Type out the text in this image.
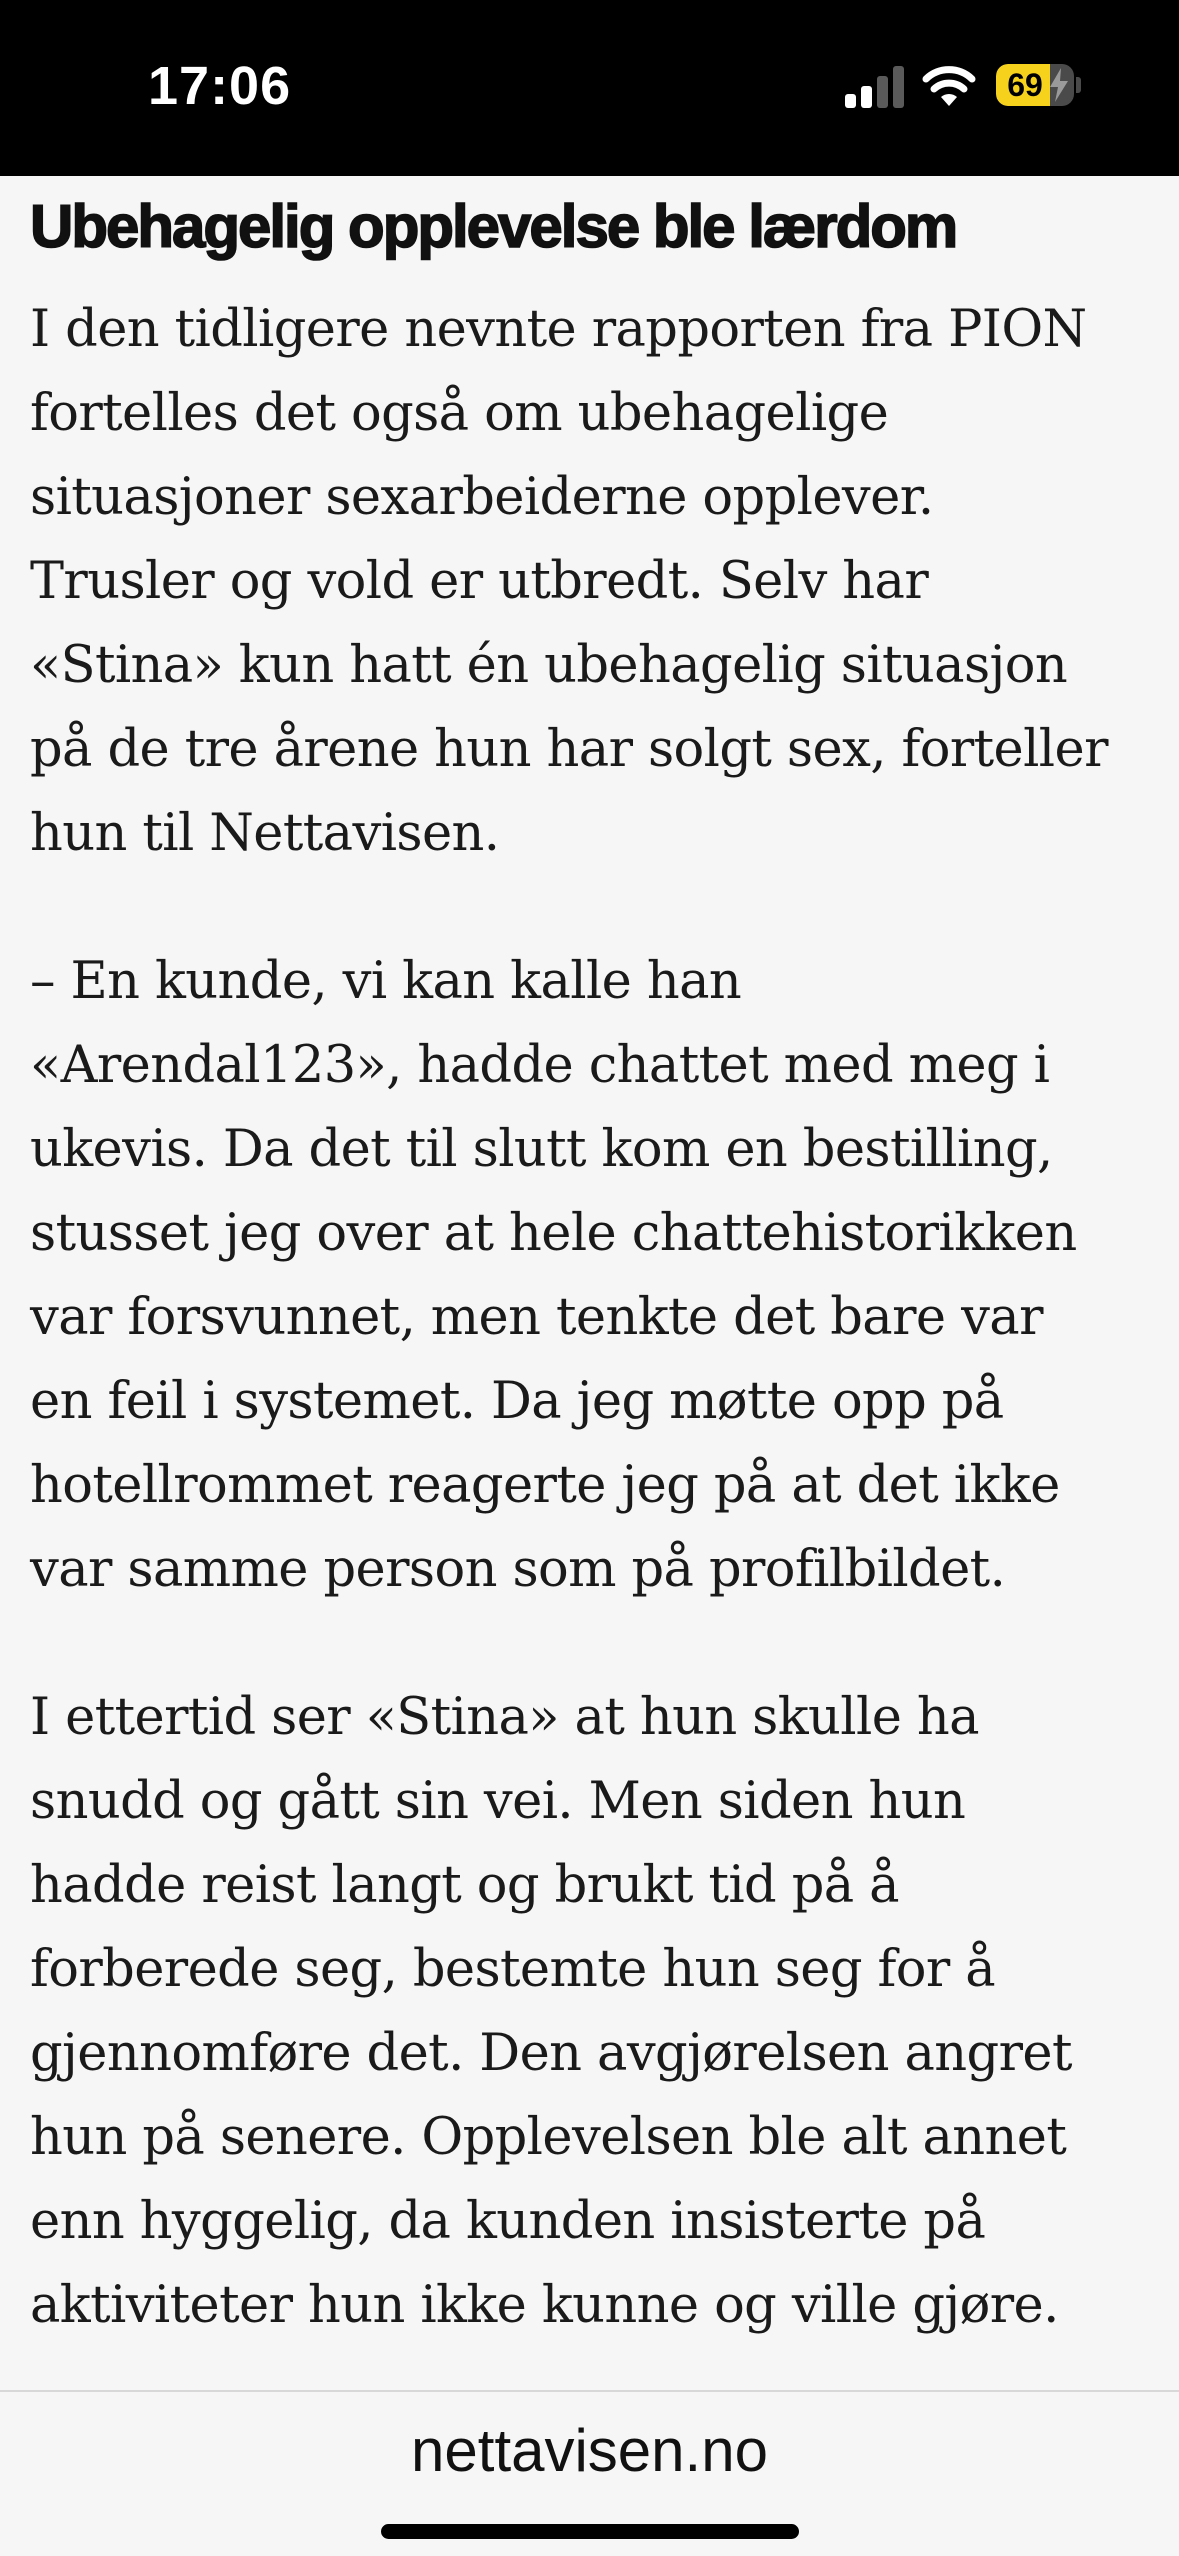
17:06	69
Ubehagelig opplevelse ble lærdom

I den tidligere nevnte rapporten fra PION
fortelles det også om ubehagelige
situasjoner sexarbeiderne opplever.
Trusler og vold er utbredt. Selv har
«Stina» kun hatt én ubehagelig situasjon
på de tre årene hun har solgt sex, forteller
hun til Nettavisen.

– En kunde, vi kan kalle han
«Arendal123», hadde chattet med meg i
ukevis. Da det til slutt kom en bestilling,
stusset jeg over at hele chattehistorikken
var forsvunnet, men tenkte det bare var
en feil i systemet. Da jeg møtte opp på
hotellrommet reagerte jeg på at det ikke
var samme person som på profilbildet.

I ettertid ser «Stina» at hun skulle ha
snudd og gått sin vei. Men siden hun
hadde reist langt og brukt tid på å
forberede seg, bestemte hun seg for å
gjennomføre det. Den avgjørelsen angret
hun på senere. Opplevelsen ble alt annet
enn hyggelig, da kunden insisterte på
aktiviteter hun ikke kunne og ville gjøre.

nettavisen.no
